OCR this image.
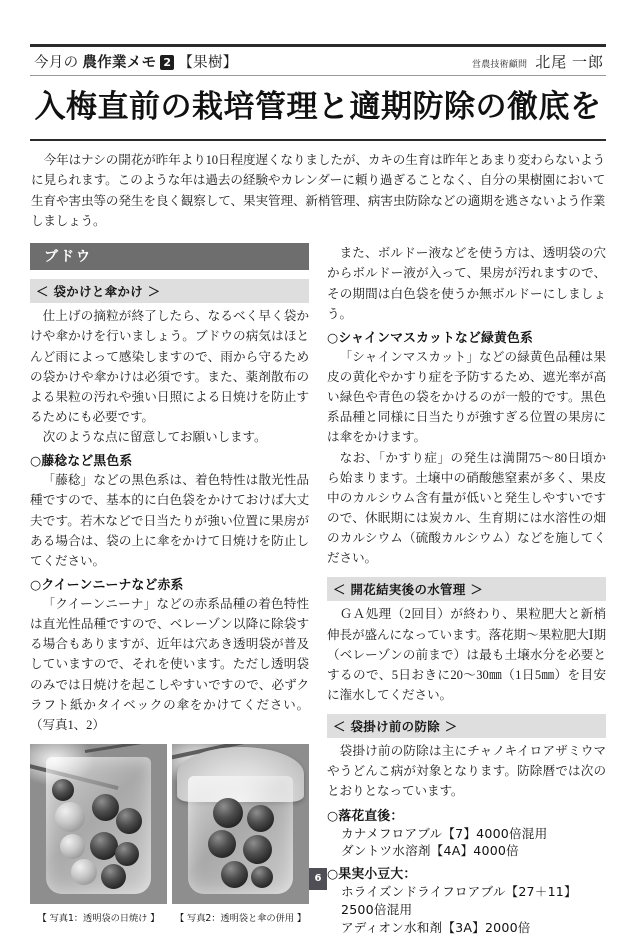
今月の 農作業メモ 2 【果樹】	営農技術顧問 北尾 一郎
入梅直前の栽培管理と適期防除の徹底を

今年はナシの開花が昨年より10日程度遅くなりましたが、カキの生育は昨年とあまり変わらないように見られます。このような年は過去の経験やカレンダーに頼り過ぎることなく、自分の果樹園において生育や害虫等の発生を良く観察して、果実管理、新梢管理、病害虫防除などの適期を逃さないよう作業しましょう。

ブドウ
＜ 袋かけと傘かけ ＞

仕上げの摘粒が終了したら、なるべく早く袋かけや傘かけを行いましょう。ブドウの病気はほとんど雨によって感染しますので、雨から守るための袋かけや傘かけは必須です。また、薬剤散布のよる果粒の汚れや強い日照による日焼けを防止するためにも必要です。

次のような点に留意してお願いします。

○藤稔など黒色系

「藤稔」などの黒色系は、着色特性は散光性品種ですので、基本的に白色袋をかけておけば大丈夫です。若木などで日当たりが強い位置に果房がある場合は、袋の上に傘をかけて日焼けを防止してください。

○クイーンニーナなど赤系

「クイーンニーナ」などの赤系品種の着色特性は直光性品種ですので、ベレーゾン以降に除袋する場合もありますが、近年は穴あき透明袋が普及していますので、それを使います。ただし透明袋のみでは日焼けを起こしやすいですので、必ずクラフト紙かタイベックの傘をかけてください。（写真1、2）

【 写真1：透明袋の日焼け 】	【 写真2：透明袋と傘の併用 】

また、ボルドー液などを使う方は、透明袋の穴からボルドー液が入って、果房が汚れますので、その期間は白色袋を使うか無ボルドーにしましょう。

○シャインマスカットなど緑黄色系

「シャインマスカット」などの緑黄色品種は果皮の黄化やかすり症を予防するため、遮光率が高い緑色や青色の袋をかけるのが一般的です。黒色系品種と同様に日当たりが強すぎる位置の果房には傘をかけます。

なお、「かすり症」の発生は満開75～80日頃から始まります。土壌中の硝酸態窒素が多く、果皮中のカルシウム含有量が低いと発生しやすいですので、休眠期には炭カル、生育期には水溶性の畑のカルシウム（硫酸カルシウム）などを施してください。

＜ 開花結実後の水管理 ＞

ＧＡ処理（2回目）が終わり、果粒肥大と新梢伸長が盛んになっています。落花期～果粒肥大Ⅰ期（ベレーゾンの前まで）は最も土壌水分を必要とするので、5日おきに20～30㎜（1日5㎜）を目安に潅水してください。

＜ 袋掛け前の防除 ＞

袋掛け前の防除は主にチャノキイロアザミウマやうどんこ病が対象となります。防除暦では次のとおりとなっています。

○落花直後：
カナメフロアブル【7】4000倍混用
ダントツ水溶剤【4A】4000倍
○果実小豆大：
ホライズンドライフロアブル【27＋11】
2500倍混用
アディオン水和剤【3A】2000倍
6
